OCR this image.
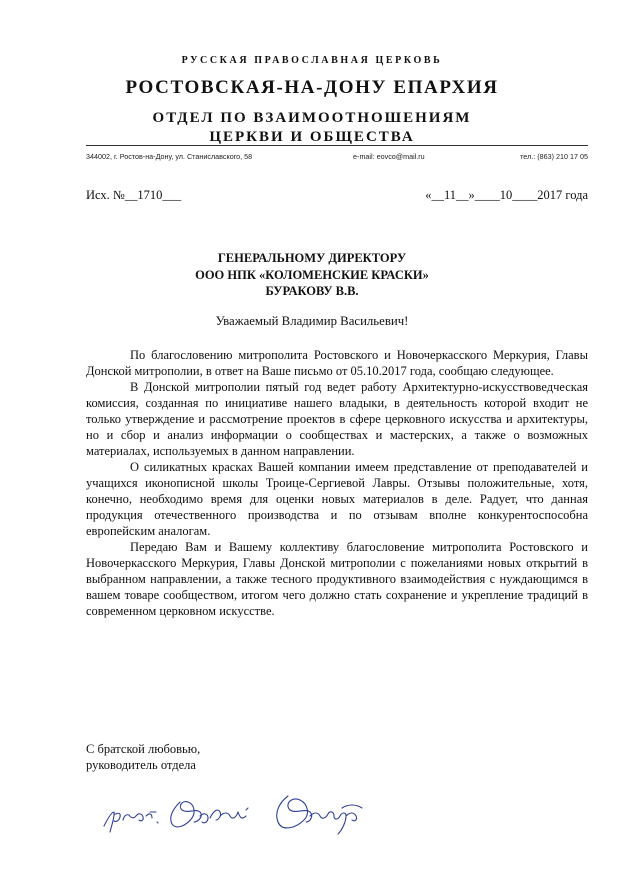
РУССКАЯ ПРАВОСЛАВНАЯ ЦЕРКОВЬ
РОСТОВСКАЯ-НА-ДОНУ ЕПАРХИЯ
ОТДЕЛ ПО ВЗАИМООТНОШЕНИЯМ
ЦЕРКВИ И ОБЩЕСТВА
344002, г. Ростов-на-Дону, ул. Станиславского, 58	e-mail: eovco@mail.ru	тел.: (863) 210 17 05
Исх. №__1710___	«__11__»____10____2017 года
ГЕНЕРАЛЬНОМУ ДИРЕКТОРУ
ООО НПК «КОЛОМЕНСКИЕ КРАСКИ»
БУРАКОВУ В.В.
Уважаемый Владимир Васильевич!

По благословению митрополита Ростовского и Новочеркасского Меркурия, Главы Донской митрополии, в ответ на Ваше письмо от 05.10.2017 года, сообщаю следующее.

В Донской митрополии пятый год ведет работу Архитектурно-искусствоведческая комиссия, созданная по инициативе нашего владыки, в деятельность которой входит не только утверждение и рассмотрение проектов в сфере церковного искусства и архитектуры, но и сбор и анализ информации о сообществах и мастерских, а также о возможных материалах, используемых в данном направлении.

О силикатных красках Вашей компании имеем представление от преподавателей и учащихся иконописной школы Троице-Сергиевой Лавры. Отзывы положительные, хотя, конечно, необходимо время для оценки новых материалов в деле. Радует, что данная продукция отечественного производства и по отзывам вполне конкурентоспособна европейским аналогам.

Передаю Вам и Вашему коллективу благословение митрополита Ростовского и Новочеркасского Меркурия, Главы Донской митрополии с пожеланиями новых открытий в выбранном направлении, а также тесного продуктивного взаимодействия с нуждающимся в вашем товаре сообществом, итогом чего должно стать сохранение и укрепление традиций в современном церковном искусстве.

С братской любовью,
руководитель отдела
